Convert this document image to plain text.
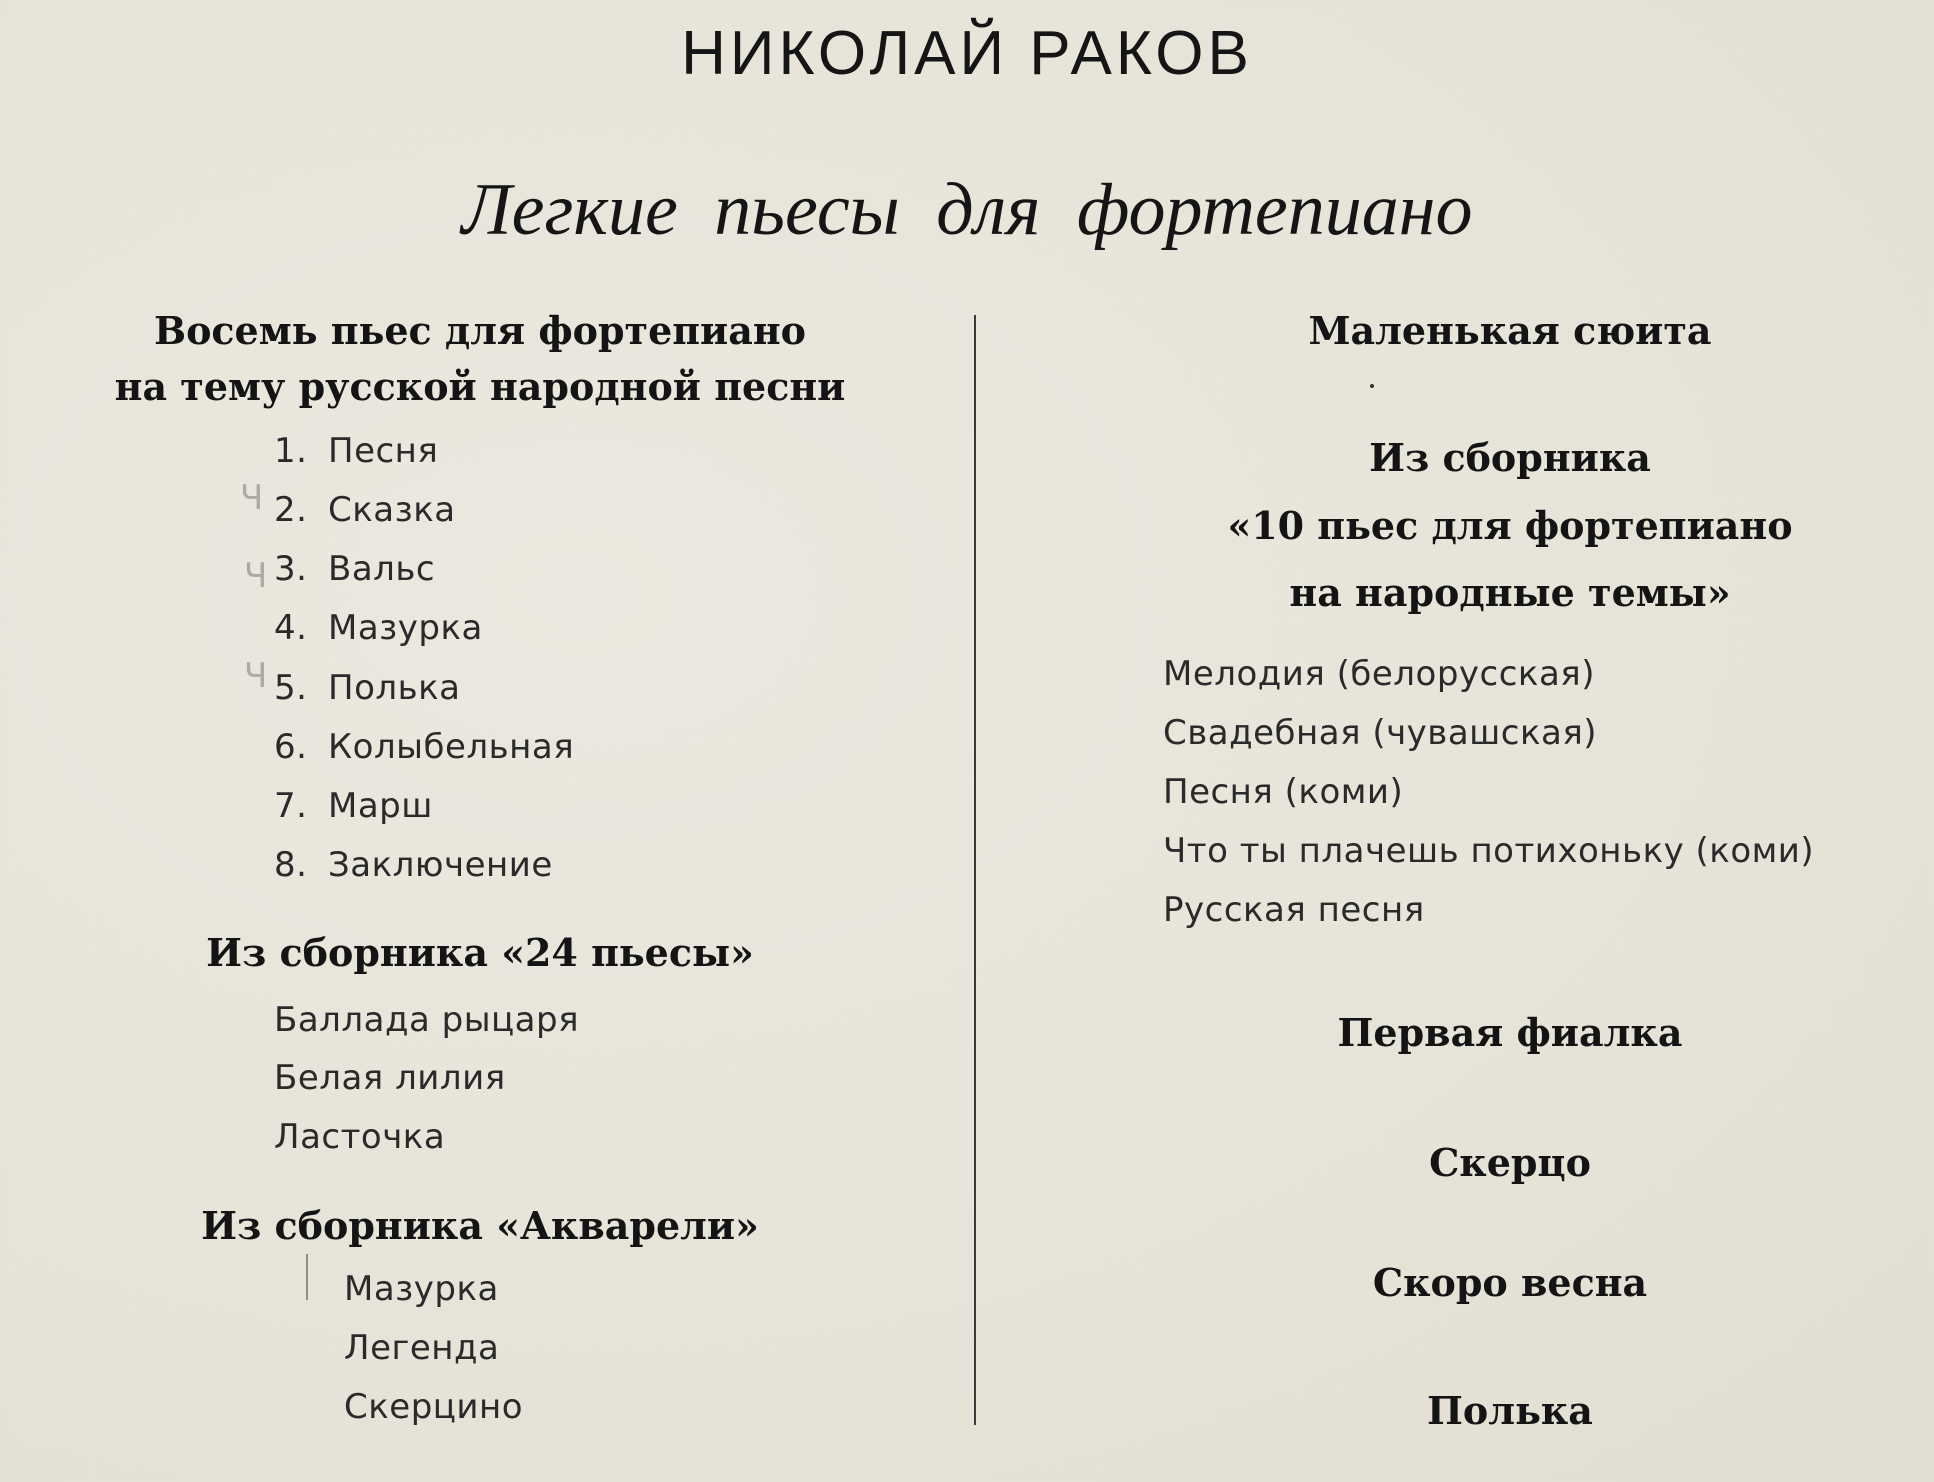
НИКОЛАЙ РАКОВ
Легкие пьесы для фортепиано
Восемь пьес для фортепиано
на тему русской народной песни
1. Песня
2. Сказка
3. Вальс
4. Мазурка
5. Полька
6. Колыбельная
7. Марш
8. Заключение
Из сборника «24 пьесы»
Баллада рыцаря
Белая лилия
Ласточка
Из сборника «Акварели»
Мазурка
Легенда
Скерцино
Маленькая сюита
Из сборника
«10 пьес для фортепиано
на народные темы»
Мелодия (белорусская)
Свадебная (чувашская)
Песня (коми)
Что ты плачешь потихоньку (коми)
Русская песня
Первая фиалка
Скерцо
Скоро весна
Полька
Ч
Ч
Ч
